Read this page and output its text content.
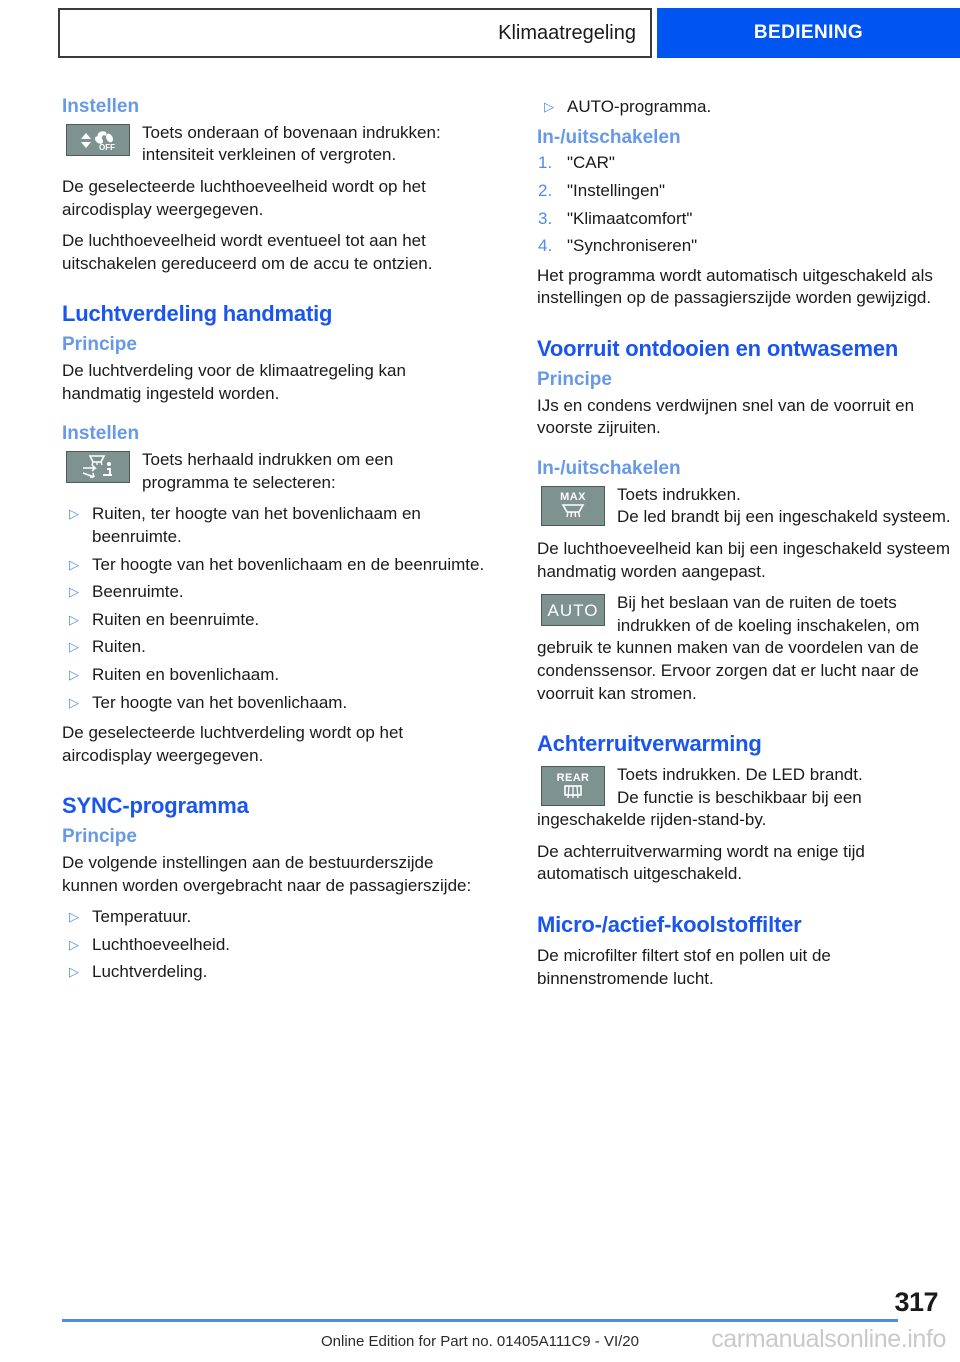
Klimaatregeling	BEDIENING
Instellen

OFF
Toets onderaan of bovenaan indrukken: intensiteit verkleinen of vergroten.

De geselecteerde luchthoeveelheid wordt op het aircodisplay weergegeven.

De luchthoeveelheid wordt eventueel tot aan het uitschakelen gereduceerd om de accu te ontzien.

Luchtverdeling handmatig
Principe

De luchtverdeling voor de klimaatregeling kan handmatig ingesteld worden.

Instellen

Toets herhaald indrukken om een programma te selecteren:

▷ Ruiten, ter hoogte van het bovenlichaam en beenruimte.
▷ Ter hoogte van het bovenlichaam en de beenruimte.
▷ Beenruimte.
▷ Ruiten en beenruimte.
▷ Ruiten.
▷ Ruiten en bovenlichaam.
▷ Ter hoogte van het bovenlichaam.

De geselecteerde luchtverdeling wordt op het aircodisplay weergegeven.

SYNC-programma
Principe

De volgende instellingen aan de bestuurderszijde kunnen worden overgebracht naar de passagierszijde:

▷ Temperatuur.
▷ Luchthoeveelheid.
▷ Luchtverdeling.
▷ AUTO-programma.
In-/uitschakelen
1. "CAR"
2. "Instellingen"
3. "Klimaatcomfort"
4. "Synchroniseren"

Het programma wordt automatisch uitgeschakeld als instellingen op de passagierszijde worden gewijzigd.

Voorruit ontdooien en ontwasemen
Principe

IJs en condens verdwijnen snel van de voorruit en voorste zijruiten.

In-/uitschakelen

MAX Toets indrukken.
De led brandt bij een ingeschakeld systeem.

De luchthoeveelheid kan bij een ingeschakeld systeem handmatig worden aangepast.

AUTO Bij het beslaan van de ruiten de toets indrukken of de koeling inschakelen, om gebruik te kunnen maken van de voordelen van de condenssensor. Ervoor zorgen dat er lucht naar de voorruit kan stromen.

Achterruitverwarming

REAR Toets indrukken. De LED brandt.
De functie is beschikbaar bij een ingeschakelde rijden-stand-by.

De achterruitverwarming wordt na enige tijd automatisch uitgeschakeld.

Micro-/actief-koolstoffilter

De microfilter filtert stof en pollen uit de binnenstromende lucht.

317
Online Edition for Part no. 01405A111C9 - VI/20	carmanualsonline.info
